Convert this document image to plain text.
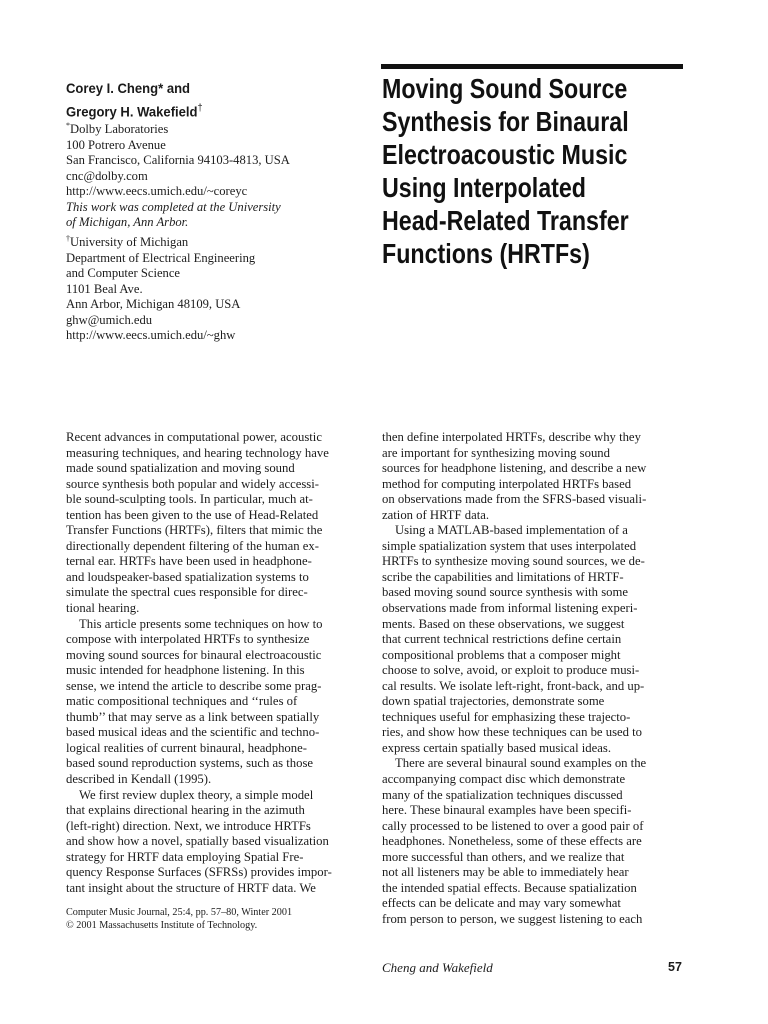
Corey I. Cheng* and
Gregory H. Wakefield†
*Dolby Laboratories
100 Potrero Avenue
San Francisco, California 94103-4813, USA
cnc@dolby.com
http://www.eecs.umich.edu/~coreyc
This work was completed at the University
of Michigan, Ann Arbor.
†University of Michigan
Department of Electrical Engineering
and Computer Science
1101 Beal Ave.
Ann Arbor, Michigan 48109, USA
ghw@umich.edu
http://www.eecs.umich.edu/~ghw
Moving Sound Source
Synthesis for Binaural
Electroacoustic Music
Using Interpolated
Head-Related Transfer
Functions (HRTFs)
Recent advances in computational power, acoustic
measuring techniques, and hearing technology have
made sound spatialization and moving sound
source synthesis both popular and widely accessi-
ble sound-sculpting tools. In particular, much at-
tention has been given to the use of Head-Related
Transfer Functions (HRTFs), filters that mimic the
directionally dependent filtering of the human ex-
ternal ear. HRTFs have been used in headphone-
and loudspeaker-based spatialization systems to
simulate the spectral cues responsible for direc-
tional hearing.
This article presents some techniques on how to
compose with interpolated HRTFs to synthesize
moving sound sources for binaural electroacoustic
music intended for headphone listening. In this
sense, we intend the article to describe some prag-
matic compositional techniques and ‘‘rules of
thumb’’ that may serve as a link between spatially
based musical ideas and the scientific and techno-
logical realities of current binaural, headphone-
based sound reproduction systems, such as those
described in Kendall (1995).
We first review duplex theory, a simple model
that explains directional hearing in the azimuth
(left-right) direction. Next, we introduce HRTFs
and show how a novel, spatially based visualization
strategy for HRTF data employing Spatial Fre-
quency Response Surfaces (SFRSs) provides impor-
tant insight about the structure of HRTF data. We
then define interpolated HRTFs, describe why they
are important for synthesizing moving sound
sources for headphone listening, and describe a new
method for computing interpolated HRTFs based
on observations made from the SFRS-based visuali-
zation of HRTF data.
Using a MATLAB-based implementation of a
simple spatialization system that uses interpolated
HRTFs to synthesize moving sound sources, we de-
scribe the capabilities and limitations of HRTF-
based moving sound source synthesis with some
observations made from informal listening experi-
ments. Based on these observations, we suggest
that current technical restrictions define certain
compositional problems that a composer might
choose to solve, avoid, or exploit to produce musi-
cal results. We isolate left-right, front-back, and up-
down spatial trajectories, demonstrate some
techniques useful for emphasizing these trajecto-
ries, and show how these techniques can be used to
express certain spatially based musical ideas.
There are several binaural sound examples on the
accompanying compact disc which demonstrate
many of the spatialization techniques discussed
here. These binaural examples have been specifi-
cally processed to be listened to over a good pair of
headphones. Nonetheless, some of these effects are
more successful than others, and we realize that
not all listeners may be able to immediately hear
the intended spatial effects. Because spatialization
effects can be delicate and may vary somewhat
from person to person, we suggest listening to each
Computer Music Journal, 25:4, pp. 57–80, Winter 2001
© 2001 Massachusetts Institute of Technology.
Cheng and Wakefield	57
